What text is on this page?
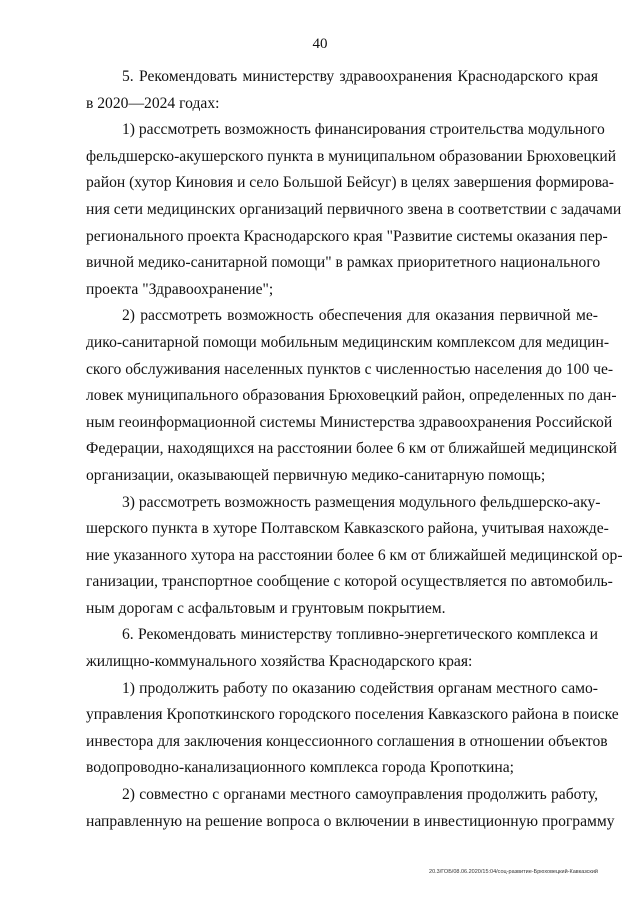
40
5. Рекомендовать министерству здравоохранения Краснодарского края
в 2020—2024 годах:
1) рассмотреть возможность финансирования строительства модульного
фельдшерско-акушерского пункта в муниципальном образовании Брюховецкий
район (хутор Киновия и село Большой Бейсуг) в целях завершения формирова-
ния сети медицинских организаций первичного звена в соответствии с задачами
регионального проекта Краснодарского края "Развитие системы оказания пер-
вичной медико-санитарной помощи" в рамках приоритетного национального
проекта "Здравоохранение";
2) рассмотреть возможность обеспечения для оказания первичной ме-
дико-санитарной помощи мобильным медицинским комплексом для медицин-
ского обслуживания населенных пунктов с численностью населения до 100 че-
ловек муниципального образования Брюховецкий район, определенных по дан-
ным геоинформационной системы Министерства здравоохранения Российской
Федерации, находящихся на расстоянии более 6 км от ближайшей медицинской
организации, оказывающей первичную медико-санитарную помощь;
3) рассмотреть возможность размещения модульного фельдшерско-аку-
шерского пункта в хуторе Полтавском Кавказского района, учитывая нахожде-
ние указанного хутора на расстоянии более 6 км от ближайшей медицинской ор-
ганизации, транспортное сообщение с которой осуществляется по автомобиль-
ным дорогам с асфальтовым и грунтовым покрытием.
6. Рекомендовать министерству топливно-энергетического комплекса и
жилищно-коммунального хозяйства Краснодарского края:
1) продолжить работу по оказанию содействия органам местного само-
управления Кропоткинского городского поселения Кавказского района в поиске
инвестора для заключения концессионного соглашения в отношении объектов
водопроводно-канализационного комплекса города Кропоткина;
2) совместно с органами местного самоуправления продолжить работу,
направленную на решение вопроса о включении в инвестиционную программу
20.3/ГОБ/08.06.2020/15:04/соц-развитие-Брюховецкий-Кавказский
